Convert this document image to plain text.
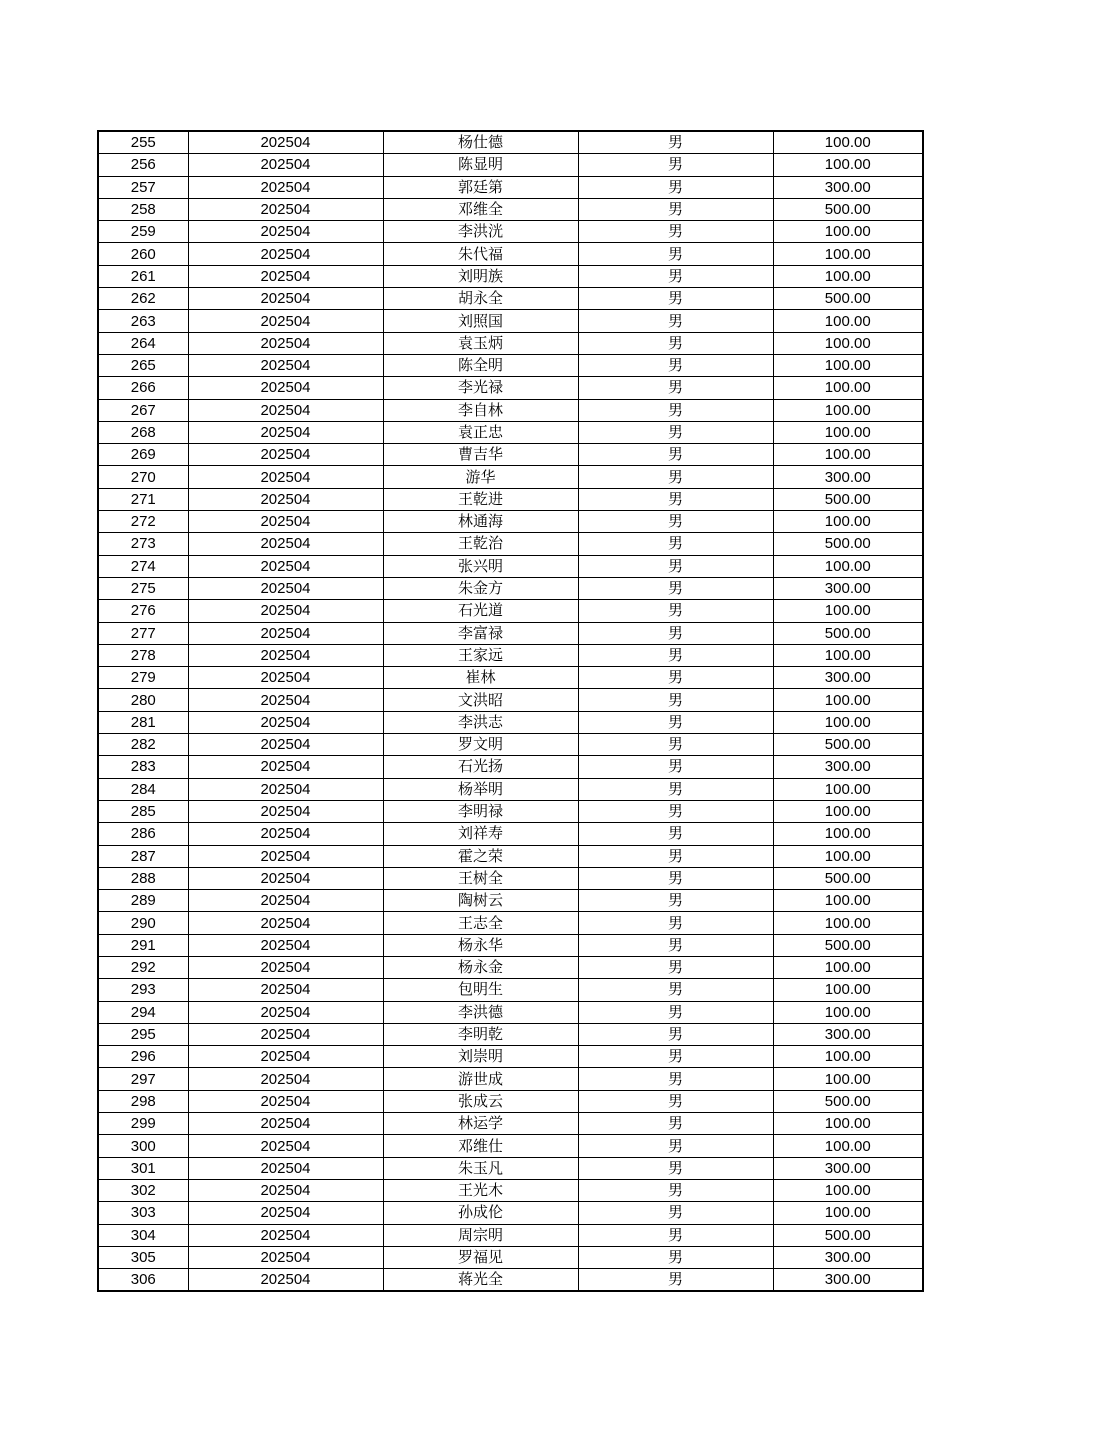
255	202504	杨仕德	男	100.00
256	202504	陈显明	男	100.00
257	202504	郭廷第	男	300.00
258	202504	邓维全	男	500.00
259	202504	李洪洸	男	100.00
260	202504	朱代福	男	100.00
261	202504	刘明族	男	100.00
262	202504	胡永全	男	500.00
263	202504	刘照国	男	100.00
264	202504	袁玉炳	男	100.00
265	202504	陈全明	男	100.00
266	202504	李光禄	男	100.00
267	202504	李自林	男	100.00
268	202504	袁正忠	男	100.00
269	202504	曹吉华	男	100.00
270	202504	游华	男	300.00
271	202504	王乾进	男	500.00
272	202504	林通海	男	100.00
273	202504	王乾治	男	500.00
274	202504	张兴明	男	100.00
275	202504	朱金方	男	300.00
276	202504	石光道	男	100.00
277	202504	李富禄	男	500.00
278	202504	王家远	男	100.00
279	202504	崔林	男	300.00
280	202504	文洪昭	男	100.00
281	202504	李洪志	男	100.00
282	202504	罗文明	男	500.00
283	202504	石光扬	男	300.00
284	202504	杨举明	男	100.00
285	202504	李明禄	男	100.00
286	202504	刘祥寿	男	100.00
287	202504	霍之荣	男	100.00
288	202504	王树全	男	500.00
289	202504	陶树云	男	100.00
290	202504	王志全	男	100.00
291	202504	杨永华	男	500.00
292	202504	杨永金	男	100.00
293	202504	包明生	男	100.00
294	202504	李洪德	男	100.00
295	202504	李明乾	男	300.00
296	202504	刘崇明	男	100.00
297	202504	游世成	男	100.00
298	202504	张成云	男	500.00
299	202504	林运学	男	100.00
300	202504	邓维仕	男	100.00
301	202504	朱玉凡	男	300.00
302	202504	王光木	男	100.00
303	202504	孙成伦	男	100.00
304	202504	周宗明	男	500.00
305	202504	罗福见	男	300.00
306	202504	蒋光全	男	300.00
